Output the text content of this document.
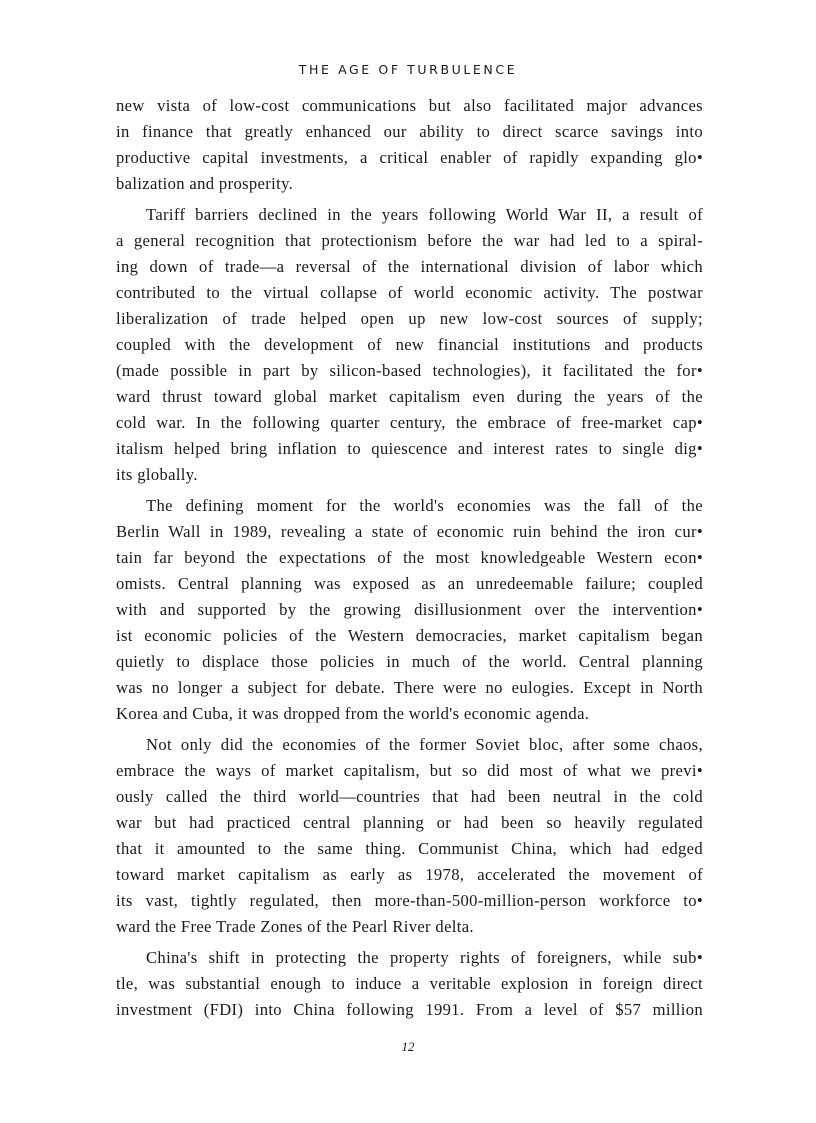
THE AGE OF TURBULENCE
new vista of low-cost communications but also facilitated major advances
in finance that greatly enhanced our ability to direct scarce savings into
productive capital investments, a critical enabler of rapidly expanding glo•
balization and prosperity.
Tariff barriers declined in the years following World War II, a result of
a general recognition that protectionism before the war had led to a spiral-
ing down of trade—a reversal of the international division of labor which
contributed to the virtual collapse of world economic activity. The postwar
liberalization of trade helped open up new low-cost sources of supply;
coupled with the development of new financial institutions and products
(made possible in part by silicon-based technologies), it facilitated the for•
ward thrust toward global market capitalism even during the years of the
cold war. In the following quarter century, the embrace of free-market cap•
italism helped bring inflation to quiescence and interest rates to single dig•
its globally.
The defining moment for the world's economies was the fall of the
Berlin Wall in 1989, revealing a state of economic ruin behind the iron cur•
tain far beyond the expectations of the most knowledgeable Western econ•
omists. Central planning was exposed as an unredeemable failure; coupled
with and supported by the growing disillusionment over the intervention•
ist economic policies of the Western democracies, market capitalism began
quietly to displace those policies in much of the world. Central planning
was no longer a subject for debate. There were no eulogies. Except in North
Korea and Cuba, it was dropped from the world's economic agenda.
Not only did the economies of the former Soviet bloc, after some chaos,
embrace the ways of market capitalism, but so did most of what we previ•
ously called the third world—countries that had been neutral in the cold
war but had practiced central planning or had been so heavily regulated
that it amounted to the same thing. Communist China, which had edged
toward market capitalism as early as 1978, accelerated the movement of
its vast, tightly regulated, then more-than-500-million-person workforce to•
ward the Free Trade Zones of the Pearl River delta.
China's shift in protecting the property rights of foreigners, while sub•
tle, was substantial enough to induce a veritable explosion in foreign direct
investment (FDI) into China following 1991. From a level of $57 million
12
